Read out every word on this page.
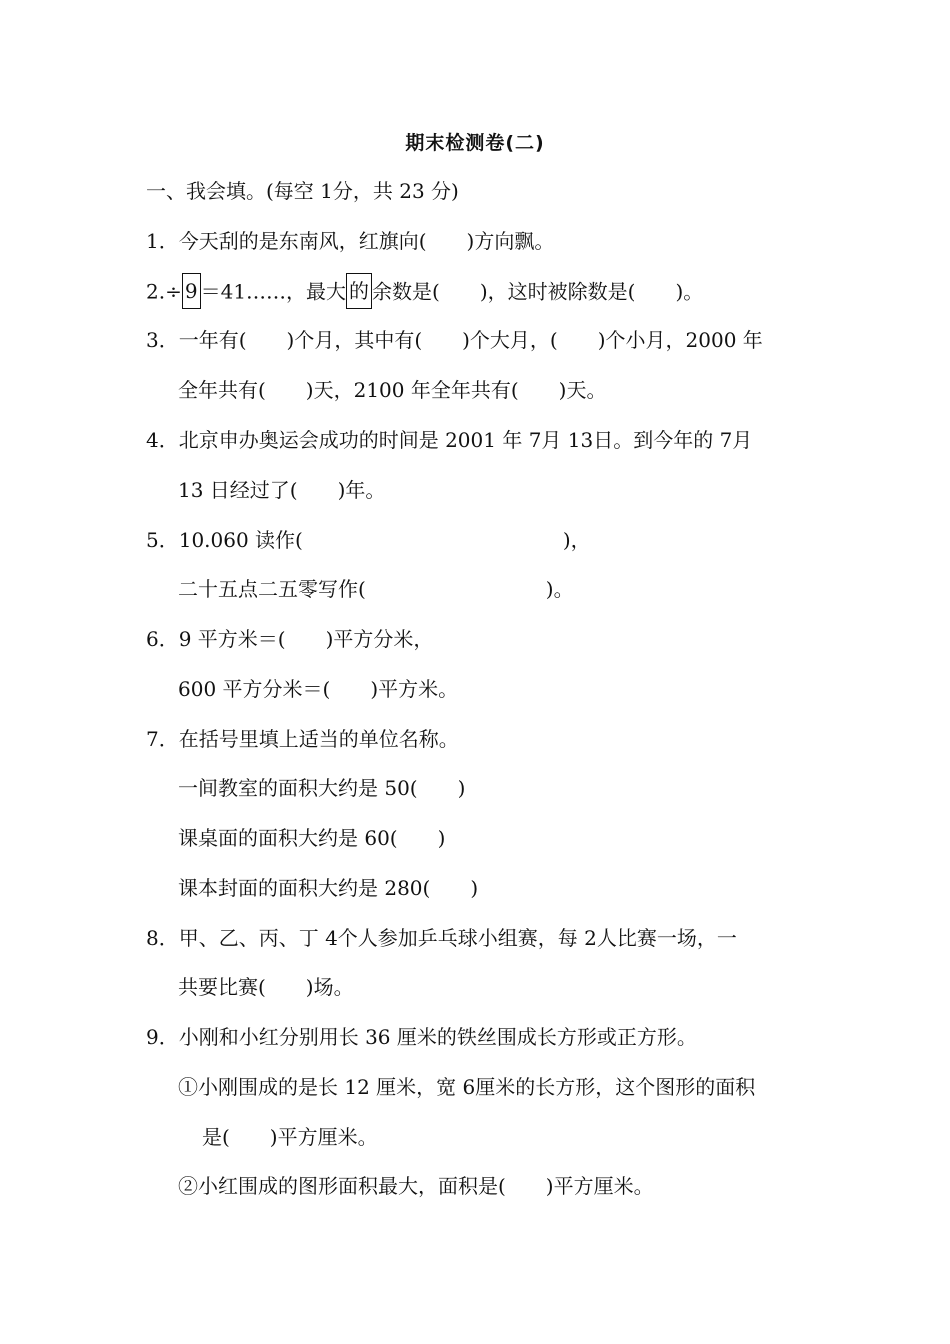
期末检测卷(二)
一、我会填。(每空 1分，共 23 分)
1．今天刮的是东南风，红旗向(　　)方向飘。
2.÷ 9 ＝41……，最大 的 余数是(　　)，这时被除数是(　　)。
3．一年有(　　)个月，其中有(　　)个大月，(　　)个小月，2000 年
全年共有(　　)天，2100 年全年共有(　　)天。
4．北京申办奥运会成功的时间是 2001 年 7月 13日。到今年的 7月
13 日经过了(　　)年。
5．10.060 读作(　　　　　　　　　　　　　)，
二十五点二五零写作(　　　　　　　　　)。
6．9 平方米＝(　　)平方分米，
600 平方分米＝(　　)平方米。
7．在括号里填上适当的单位名称。
一间教室的面积大约是 50(　　)
课桌面的面积大约是 60(　　)
课本封面的面积大约是 280(　　)
8．甲、乙、丙、丁 4个人参加乒乓球小组赛，每 2人比赛一场，一
共要比赛(　　)场。
9．小刚和小红分别用长 36 厘米的铁丝围成长方形或正方形。
①小刚围成的是长 12 厘米，宽 6厘米的长方形，这个图形的面积
是(　　)平方厘米。
②小红围成的图形面积最大，面积是(　　)平方厘米。
